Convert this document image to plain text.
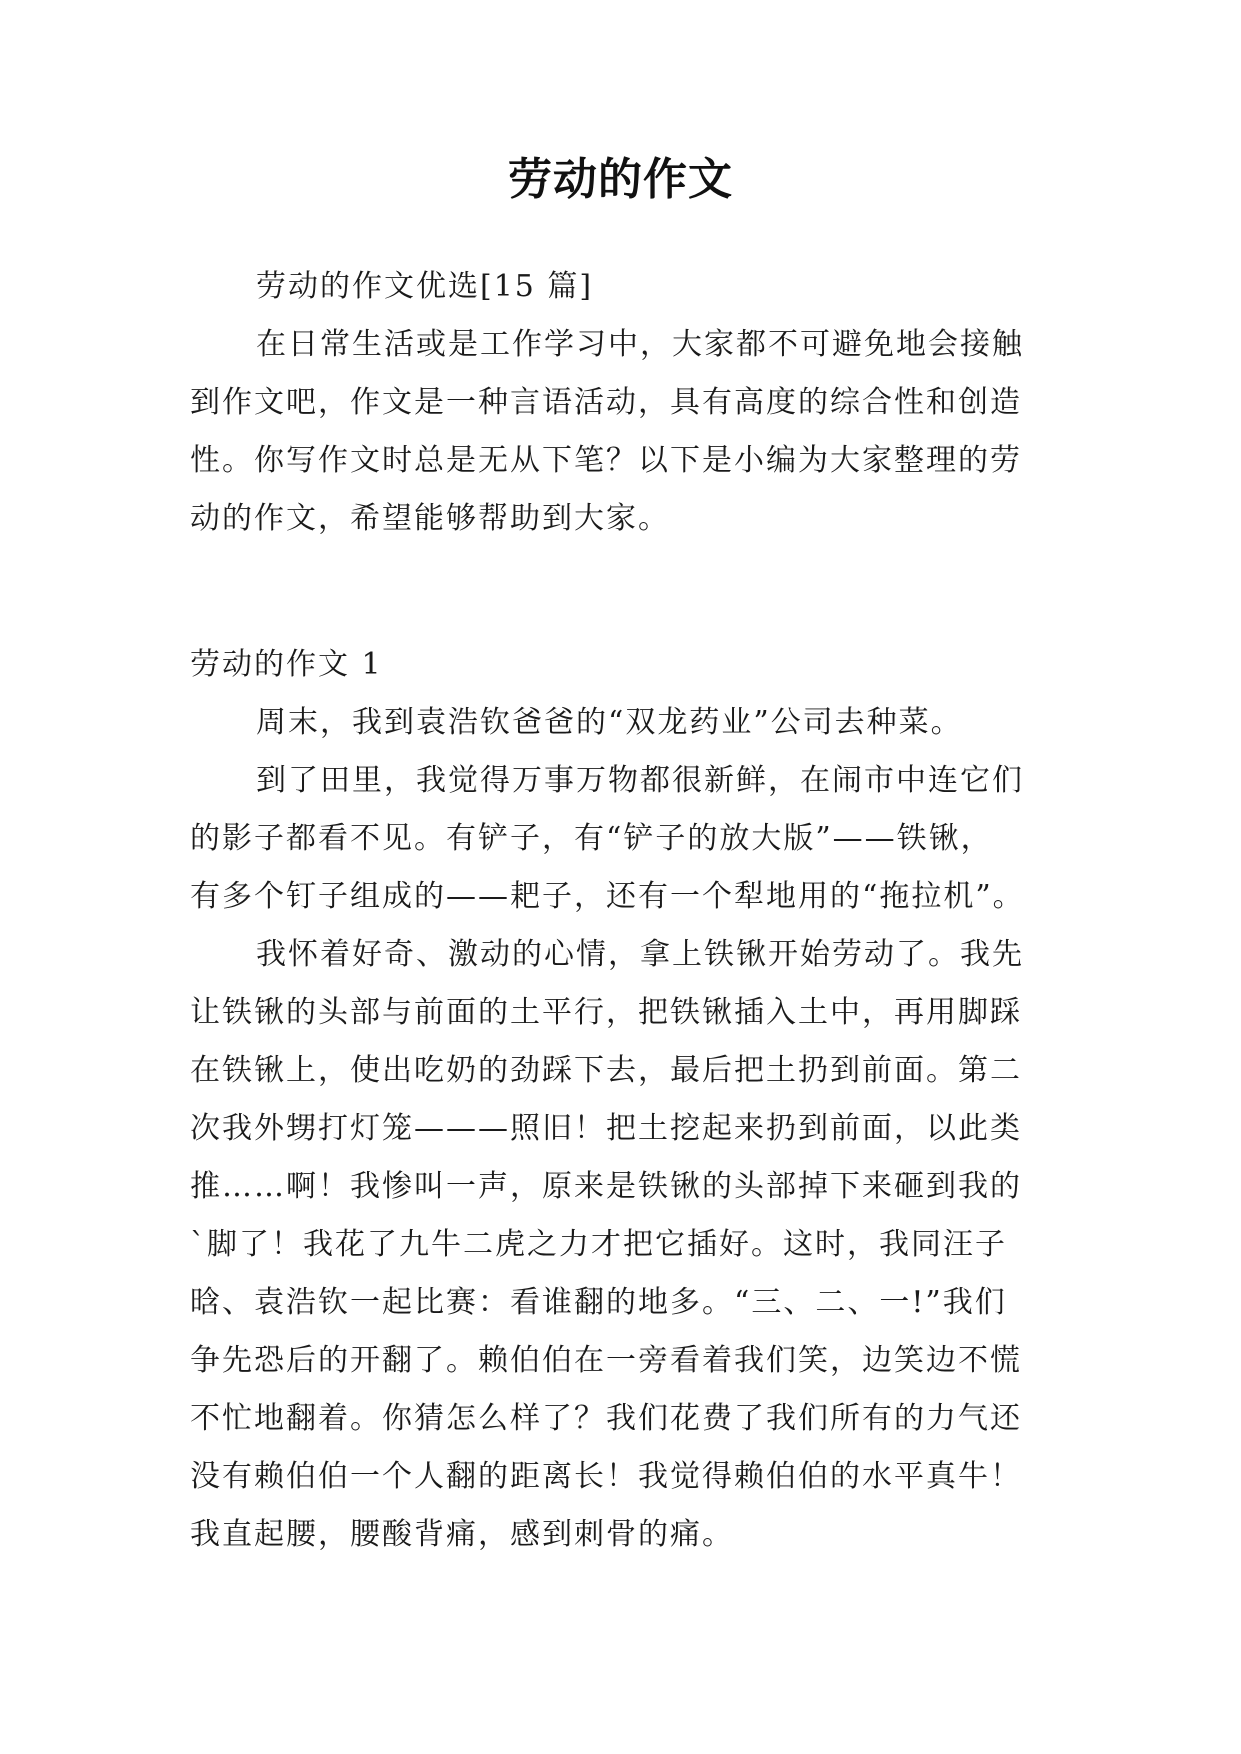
劳动的作文
劳动的作文优选[15 篇]
在日常生活或是工作学习中，大家都不可避免地会接触
到作文吧，作文是一种言语活动，具有高度的综合性和创造
性。你写作文时总是无从下笔？以下是小编为大家整理的劳
动的作文，希望能够帮助到大家。
劳动的作文 1
周末，我到袁浩钦爸爸的“双龙药业”公司去种菜。
到了田里，我觉得万事万物都很新鲜，在闹市中连它们
的影子都看不见。有铲子，有“铲子的放大版”——铁锹，
有多个钉子组成的——耙子，还有一个犁地用的“拖拉机”。
我怀着好奇、激动的心情，拿上铁锹开始劳动了。我先
让铁锹的头部与前面的土平行，把铁锹插入土中，再用脚踩
在铁锹上，使出吃奶的劲踩下去，最后把土扔到前面。第二
次我外甥打灯笼———照旧！把土挖起来扔到前面，以此类
推……啊！我惨叫一声，原来是铁锹的头部掉下来砸到我的
`脚了！我花了九牛二虎之力才把它插好。这时，我同汪子
晗、袁浩钦一起比赛：看谁翻的地多。“三、二、一!”我们
争先恐后的开翻了。赖伯伯在一旁看着我们笑，边笑边不慌
不忙地翻着。你猜怎么样了？我们花费了我们所有的力气还
没有赖伯伯一个人翻的距离长！我觉得赖伯伯的水平真牛！
我直起腰，腰酸背痛，感到刺骨的痛。
